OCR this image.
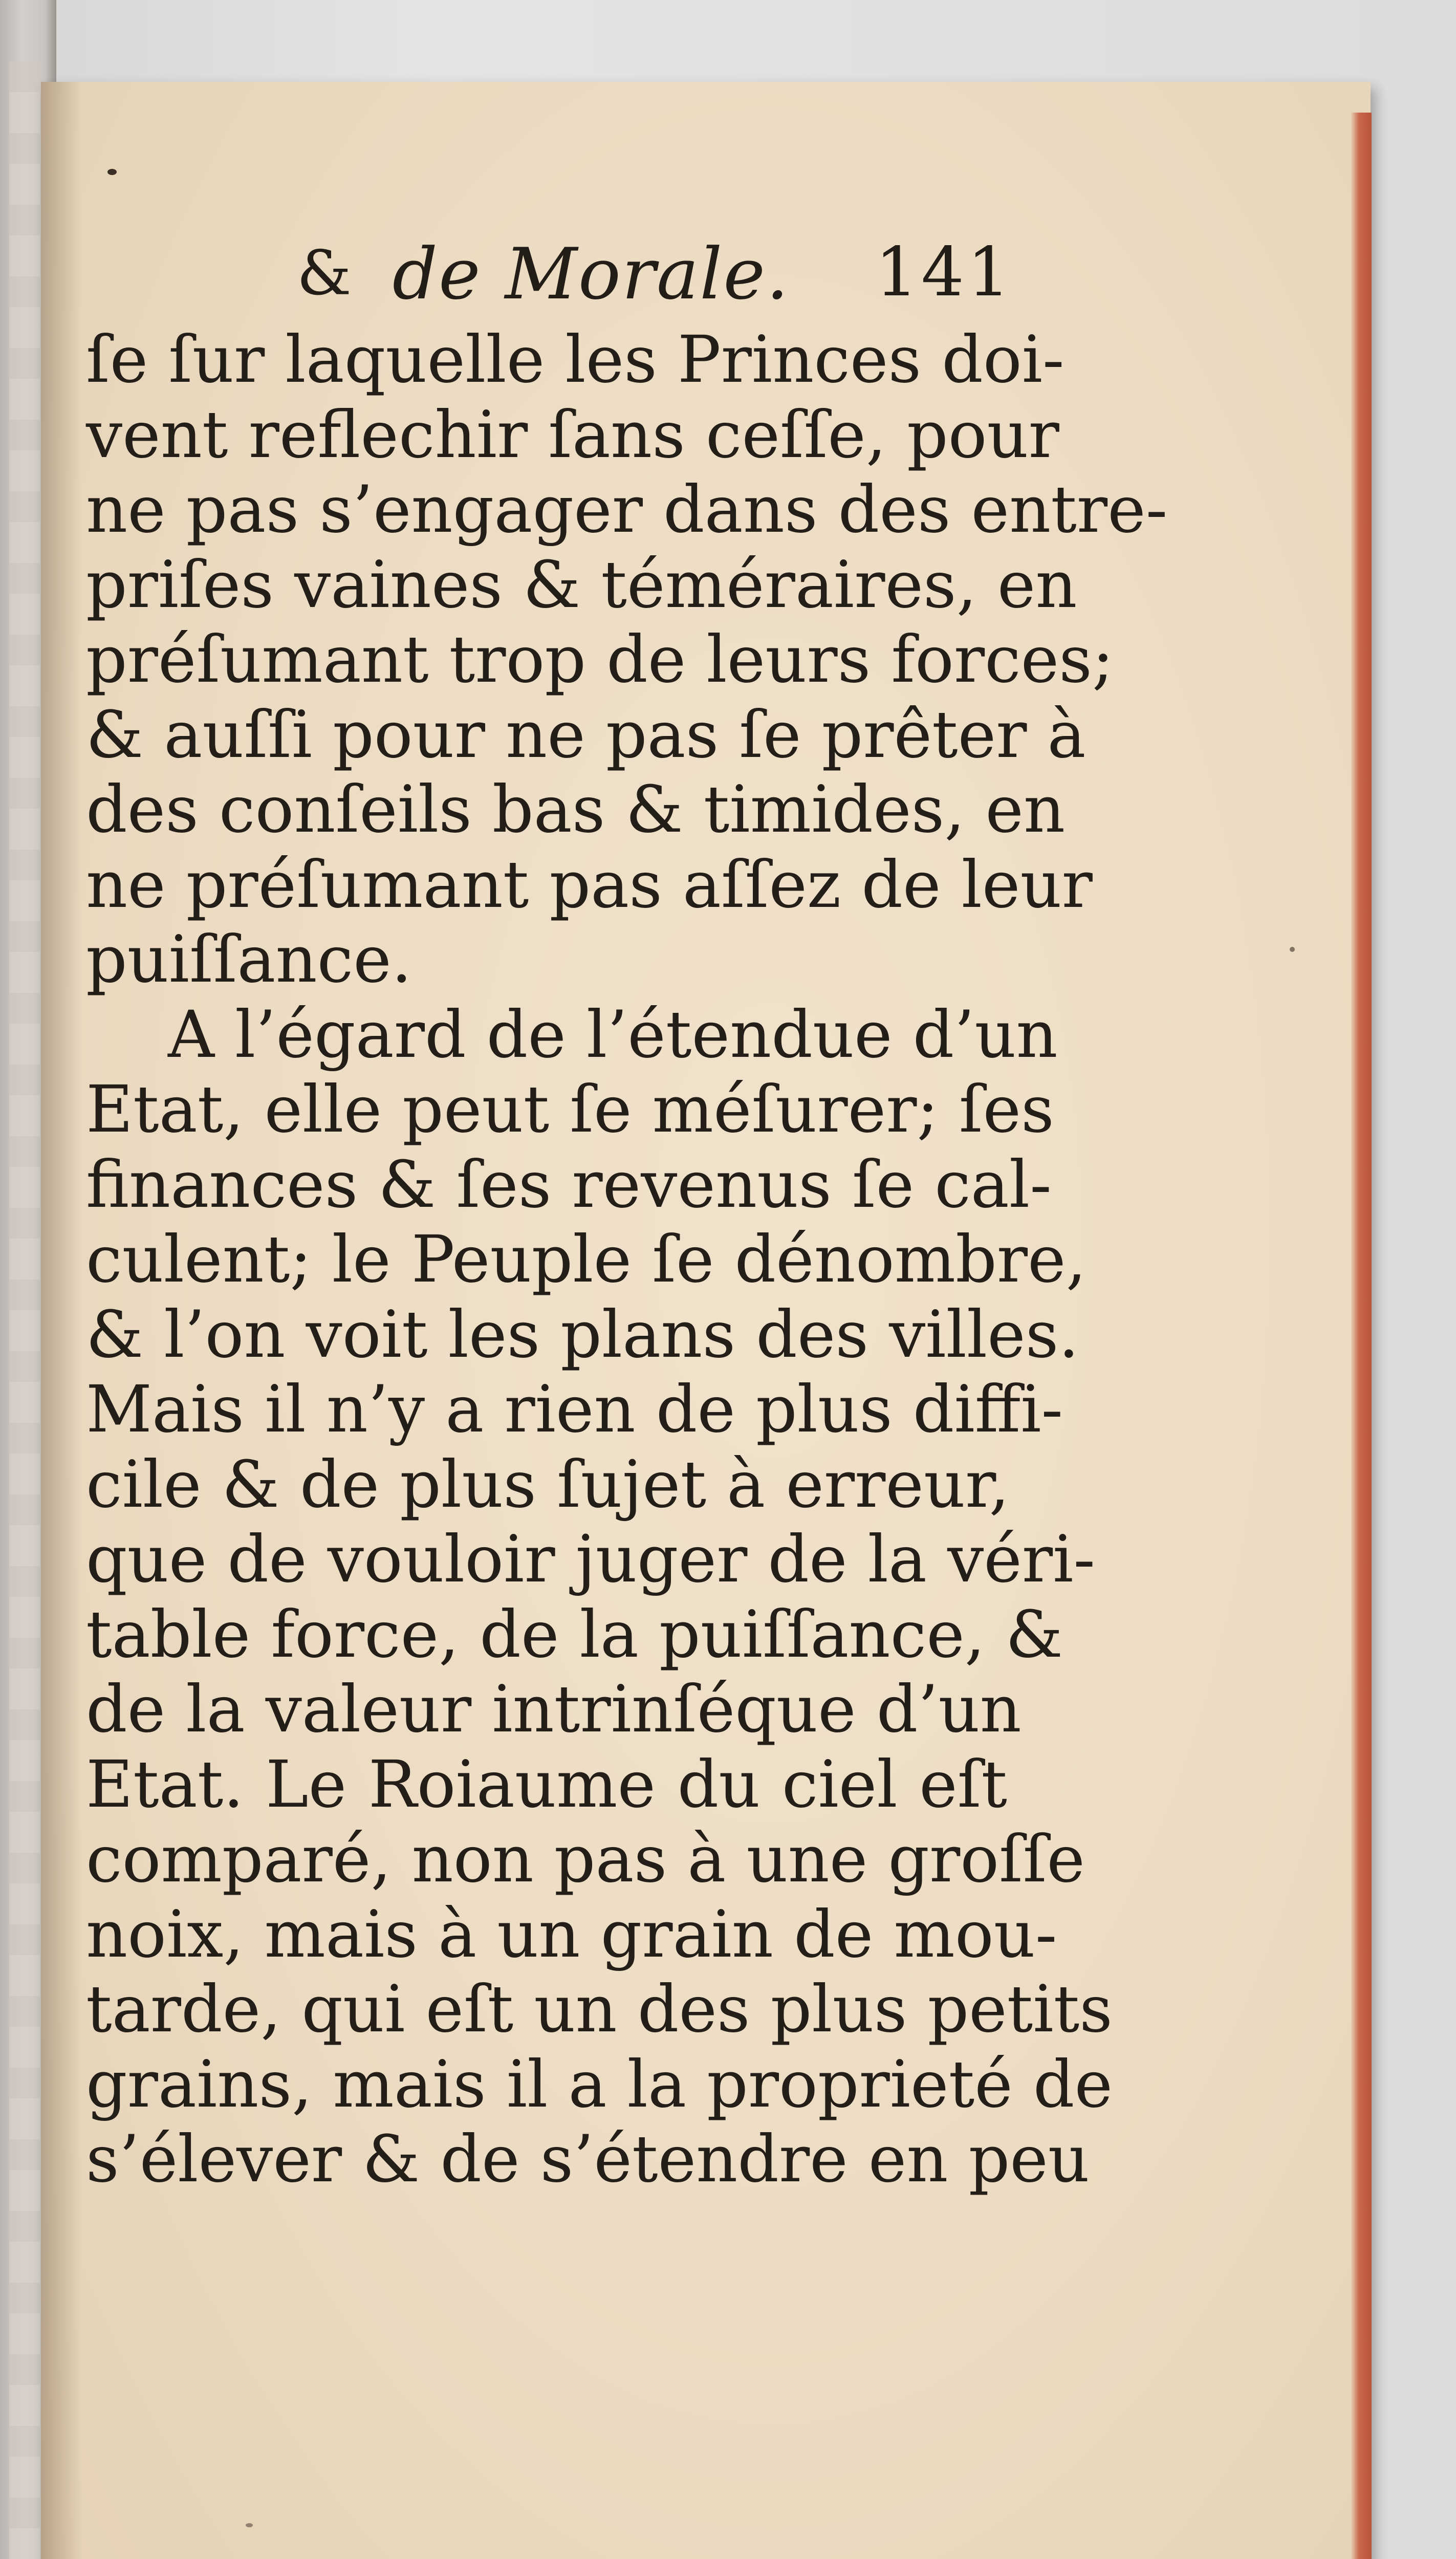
& de Morale. 141
ſe ſur laquelle les Princes doi-
vent reflechir ſans ceſſe, pour
ne pas s’engager dans des entre-
priſes vaines & téméraires, en
préſumant trop de leurs forces;
& auſſi pour ne pas ſe prêter à
des conſeils bas & timides, en
ne préſumant pas aſſez de leur
puiſſance.
A l’égard de l’étendue d’un
Etat, elle peut ſe méſurer; ſes
finances & ſes revenus ſe cal-
culent; le Peuple ſe dénombre,
& l’on voit les plans des villes.
Mais il n’y a rien de plus diffi-
cile & de plus ſujet à erreur,
que de vouloir juger de la véri-
table force, de la puiſſance, &
de la valeur intrinſéque d’un
Etat. Le Roiaume du ciel eſt
comparé, non pas à une groſſe
noix, mais à un grain de mou-
tarde, qui eſt un des plus petits
grains, mais il a la proprieté de
s’élever & de s’étendre en peu
